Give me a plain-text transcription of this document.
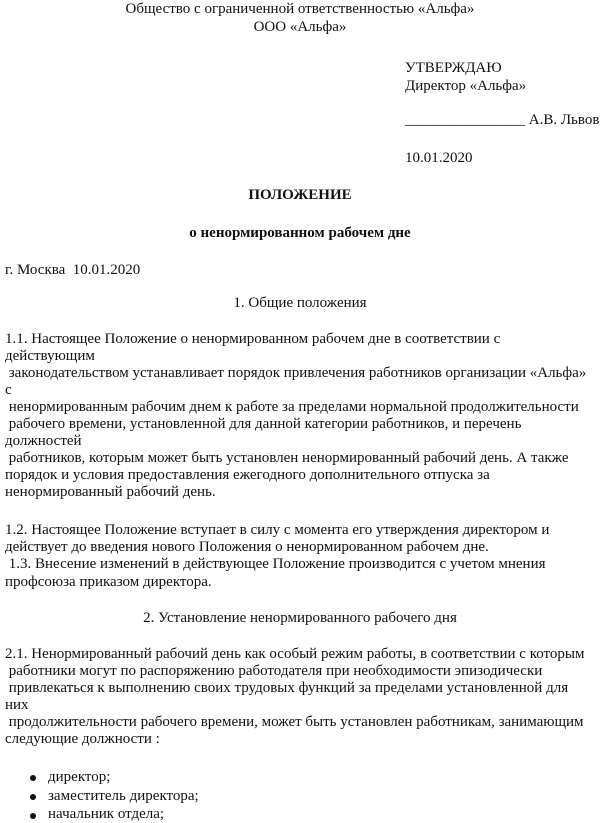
Общество с ограниченной ответственностью «Альфа»
ООО «Альфа»
УТВЕРЖДАЮ
Директор «Альфа»
________________ А.В. Львов
10.01.2020
ПОЛОЖЕНИЕ
о ненормированном рабочем дне
г. Москва  10.01.2020
1. Общие положения
1.1. Настоящее Положение о ненормированном рабочем дне в соответствии с
действующим
законодательством устанавливает порядок привлечения работников организации «Альфа»
с
ненормированным рабочим днем к работе за пределами нормальной продолжительности
рабочего времени, установленной для данной категории работников, и перечень
должностей
работников, которым может быть установлен ненормированный рабочий день. А также
порядок и условия предоставления ежегодного дополнительного отпуска за
ненормированный рабочий день.
1.2. Настоящее Положение вступает в силу с момента его утверждения директором и
действует до введения нового Положения о ненормированном рабочем дне.
1.3. Внесение изменений в действующее Положение производится с учетом мнения
профсоюза приказом директора.
2. Установление ненормированного рабочего дня
2.1. Ненормированный рабочий день как особый режим работы, в соответствии с которым
работники могут по распоряжению работодателя при необходимости эпизодически
привлекаться к выполнению своих трудовых функций за пределами установленной для
них
продолжительности рабочего времени, может быть установлен работникам, занимающим
следующие должности :
директор;
заместитель директора;
начальник отдела;
